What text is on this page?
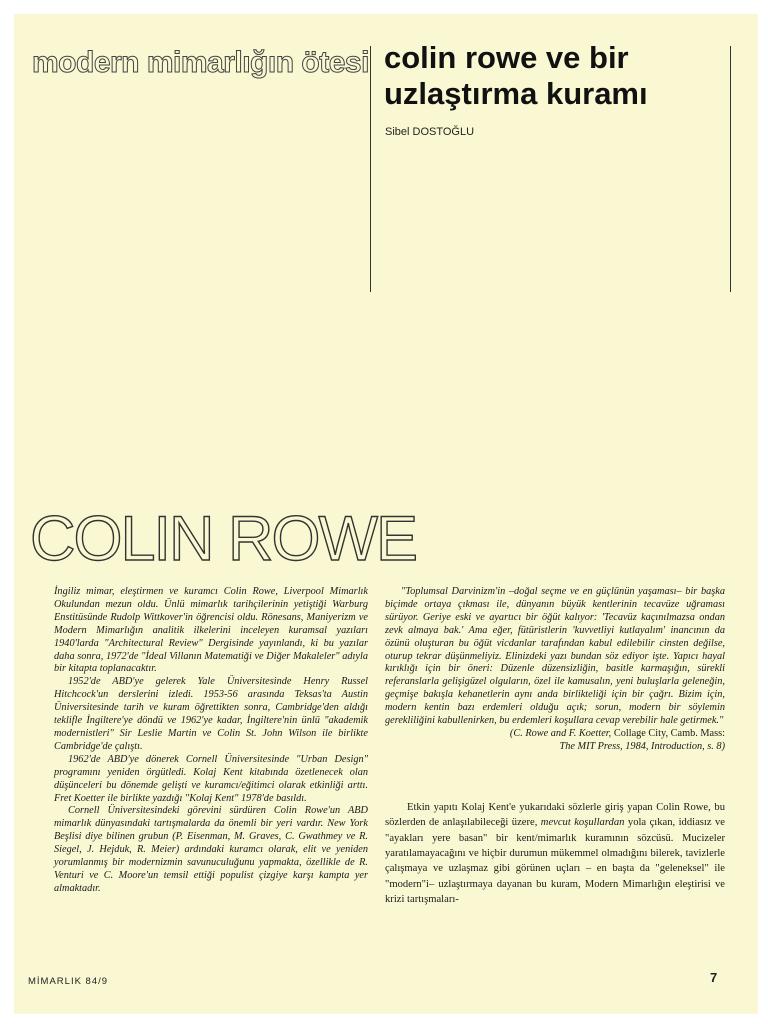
modern mimarlığın ötesi colin rowe ve bir
uzlaştırma kuramı
Sibel DOSTOĞLU
COLIN ROWE

İngiliz mimar, eleştirmen ve kuramcı Colin Rowe, Liverpool Mimarlık Okulundan mezun oldu. Ünlü mimarlık tarihçilerinin yetiştiği Warburg Enstitüsünde Rudolp Wittkover'in öğrencisi oldu. Rönesans, Maniyerizm ve Modern Mimarlığın analitik ilkelerini inceleyen kuramsal yazıları 1940'larda "Architectural Review" Dergisinde yayınlandı, ki bu yazılar daha sonra, 1972'de "İdeal Villanın Matematiği ve Diğer Makaleler" adıyla bir kitapta toplanacaktır.

1952'de ABD'ye gelerek Yale Üniversitesinde Henry Russel Hitchcock'un derslerini izledi. 1953-56 arasında Teksas'ta Austin Üniversitesinde tarih ve kuram öğrettikten sonra, Cambridge'den aldığı teklifle İngiltere'ye döndü ve 1962'ye kadar, İngiltere'nin ünlü "akademik modernistleri" Sir Leslie Martin ve Colin St. John Wilson ile birlikte Cambridge'de çalıştı.

1962'de ABD'ye dönerek Cornell Üniversitesinde "Urban Design" programını yeniden örgütledi. Kolaj Kent kitabında özetlenecek olan düşünceleri bu dönemde gelişti ve kuramcı/eğitimci olarak etkinliği arttı. Fret Koetter ile birlikte yazdığı "Kolaj Kent" 1978'de basıldı.

Cornell Üniversitesindeki görevini sürdüren Colin Rowe'un ABD mimarlık dünyasındaki tartışmalarda da önemli bir yeri vardır. New York Beşlisi diye bilinen grubun (P. Eisenman, M. Graves, C. Gwathmey ve R. Siegel, J. Hejduk, R. Meier) ardındaki kuramcı olarak, elit ve yeniden yorumlanmış bir modernizmin savunuculuğunu yapmakta, özellikle de R. Venturi ve C. Moore'un temsil ettiği populist çizgiye karşı kampta yer almaktadır.

"Toplumsal Darvinizm'in –doğal seçme ve en güçlünün yaşaması– bir başka biçimde ortaya çıkması ile, dünyanın büyük kentlerinin tecavüze uğraması sürüyor. Geriye eski ve ayartıcı bir öğüt kalıyor: 'Tecavüz kaçınılmazsa ondan zevk almaya bak.' Ama eğer, fütüristlerin 'kuvvetliyi kutlayalım' inancının da özünü oluşturan bu öğüt vicdanlar tarafından kabul edilebilir cinsten değilse, oturup tekrar düşünmeliyiz. Elinizdeki yazı bundan söz ediyor işte. Yapıcı hayal kırıklığı için bir öneri: Düzenle düzensizliğin, basitle karmaşığın, sürekli referanslarla gelişigüzel olguların, özel ile kamusalın, yeni buluşlarla geleneğin, geçmişe bakışla kehanetlerin aynı anda birlikteliği için bir çağrı. Bizim için, modern kentin bazı erdemleri olduğu açık; sorun, modern bir söylemin gerekliliğini kabullenirken, bu erdemleri koşullara cevap verebilir hale getirmek."

(C. Rowe and F. Koetter, Collage City, Camb. Mass:
The MIT Press, 1984, Introduction, s. 8)

Etkin yapıtı Kolaj Kent'e yukarıdaki sözlerle giriş yapan Colin Rowe, bu sözlerden de anlaşılabileceği üzere, mevcut koşullardan yola çıkan, iddiasız ve "ayakları yere basan" bir kent/mimarlık kuramının sözcüsü. Mucizeler yaratılamayacağını ve hiçbir durumun mükemmel olmadığını bilerek, tavizlerle çalışmaya ve uzlaşmaz gibi görünen uçları – en başta da "geleneksel" ile "modern"i– uzlaştırmaya dayanan bu kuram, Modern Mimarlığın eleştirisi ve krizi tartışmaları-

MİMARLIK 84/9	7
